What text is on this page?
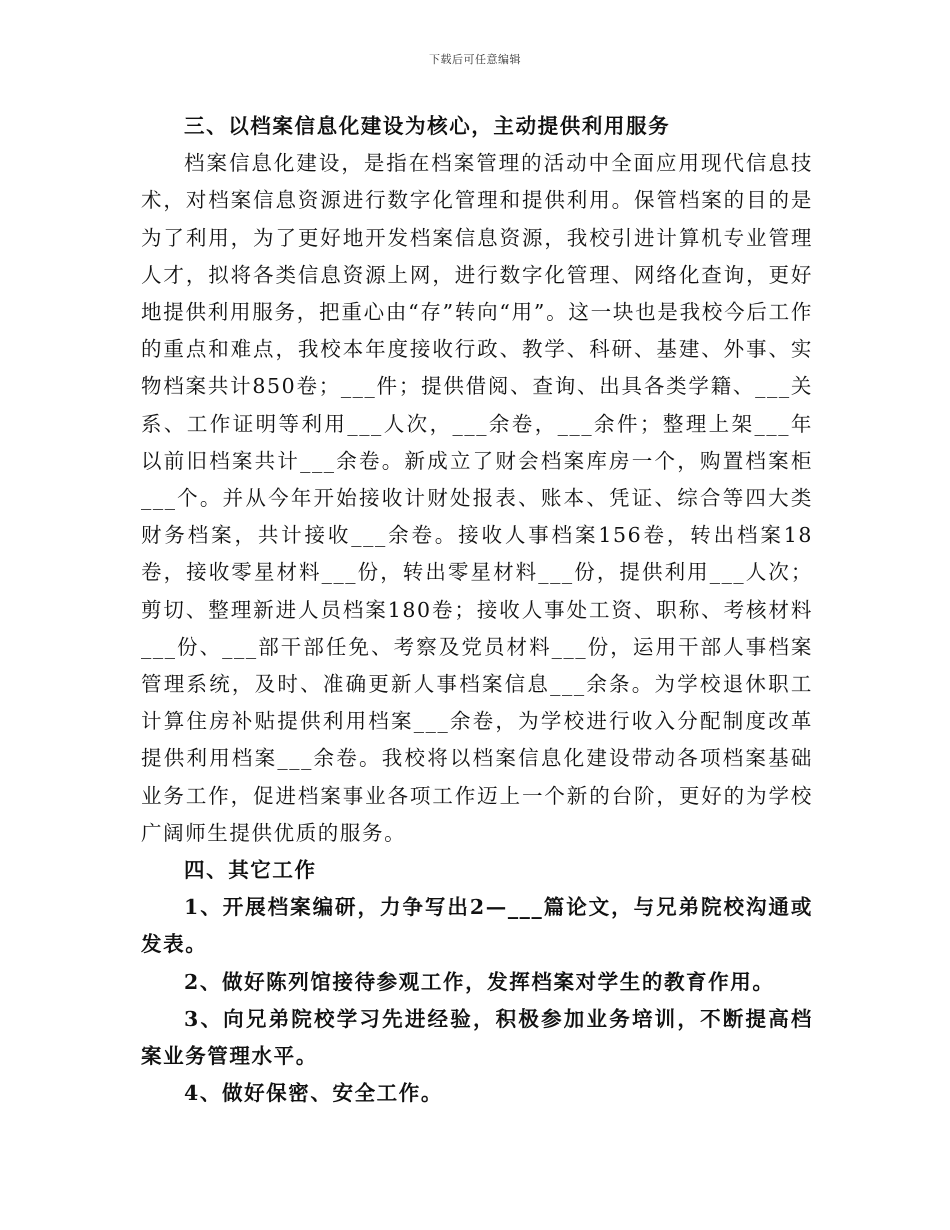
下载后可任意编辑

三、以档案信息化建设为核心，主动提供利用服务

档案信息化建设，是指在档案管理的活动中全面应用现代信息技术，对档案信息资源进行数字化管理和提供利用。保管档案的目的是为了利用，为了更好地开发档案信息资源，我校引进计算机专业管理人才，拟将各类信息资源上网，进行数字化管理、网络化查询，更好地提供利用服务，把重心由“存”转向“用”。这一块也是我校今后工作的重点和难点，我校本年度接收行政、教学、科研、基建、外事、实物档案共计850卷；___件；提供借阅、查询、出具各类学籍、___关系、工作证明等利用___人次，___余卷，___余件；整理上架___年以前旧档案共计___余卷。新成立了财会档案库房一个，购置档案柜___个。并从今年开始接收计财处报表、账本、凭证、综合等四大类财务档案，共计接收___余卷。接收人事档案156卷，转出档案18卷，接收零星材料___份，转出零星材料___份，提供利用___人次；剪切、整理新进人员档案180卷；接收人事处工资、职称、考核材料___份、___部干部任免、考察及党员材料___份，运用干部人事档案管理系统，及时、准确更新人事档案信息___余条。为学校退休职工计算住房补贴提供利用档案___余卷，为学校进行收入分配制度改革提供利用档案___余卷。我校将以档案信息化建设带动各项档案基础业务工作，促进档案事业各项工作迈上一个新的台阶，更好的为学校广阔师生提供优质的服务。

四、其它工作

1、开展档案编研，力争写出2—___篇论文，与兄弟院校沟通或发表。

2、做好陈列馆接待参观工作，发挥档案对学生的教育作用。

3、向兄弟院校学习先进经验，积极参加业务培训，不断提高档案业务管理水平。

4、做好保密、安全工作。
